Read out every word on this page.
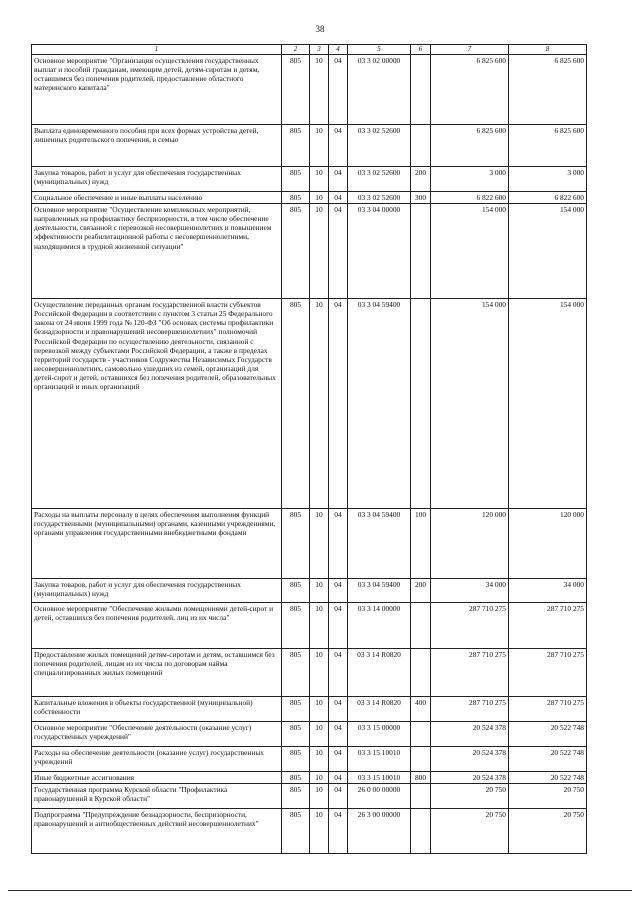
38
1	2	3	4	5	6	7	8
Основное мероприятие "Организация осуществления государственных выплат и пособий гражданам, имеющим детей, детям-сиротам и детям, оставшимся без попечения родителей, предоставление областного материнского капитала"	805	10	04	03 3 02 00000		6 825 600	6 825 600
Выплата единовременного пособия при всех формах устройства детей, лишенных родительского попечения, в семью	805	10	04	03 3 02 52600		6 825 600	6 825 600
Закупка товаров, работ и услуг для обеспечения государственных (муниципальных) нужд	805	10	04	03 3 02 52600	200	3 000	3 000
Социальное обеспечение и иные выплаты населению	805	10	04	03 3 02 52600	300	6 822 600	6 822 600
Основное мероприятие "Осуществление комплексных мероприятий, направленных на профилактику беспризорности, в том числе обеспечение деятельности, связанной с перевозкой несовершеннолетних и повышением эффективности реабилитационной работы с несовершеннолетними, находящимися в трудной жизненной ситуации"	805	10	04	03 3 04 00000		154 000	154 000
Осуществление переданных органам государственной власти субъектов Российской Федерации в соответствии с пунктом 3 статьи 25 Федерального закона от 24 июня 1999 года № 120-ФЗ "Об основах системы профилактики безнадзорности и правонарушений несовершеннолетних" полномочий Российской Федерации по осуществлению деятельности, связанной с перевозкой между субъектами Российской Федерации, а также в пределах территорий государств - участников Содружества Независимых Государств несовершеннолетних, самовольно ушедших из семей, организаций для детей-сирот и детей, оставшихся без попечения родителей, образовательных организаций и иных организаций	805	10	04	03 3 04 59400		154 000	154 000
Расходы на выплаты персоналу в целях обеспечения выполнения функций государственными (муниципальными) органами, казенными учреждениями, органами управления государственными внебюджетными фондами	805	10	04	03 3 04 59400	100	120 000	120 000
Закупка товаров, работ и услуг для обеспечения государственных (муниципальных) нужд	805	10	04	03 3 04 59400	200	34 000	34 000
Основное мероприятие "Обеспечение жилыми помещениями детей-сирот и детей, оставшихся без попечения родителей, лиц из их числа"	805	10	04	03 3 14 00000		287 710 275	287 710 275
Предоставление жилых помещений детям-сиротам и детям, оставшимся без попечения родителей, лицам из их числа по договорам найма специализированных жилых помещений	805	10	04	03 3 14 R0820		287 710 275	287 710 275
Капитальные вложения в объекты государственной (муниципальной) собственности	805	10	04	03 3 14 R0820	400	287 710 275	287 710 275
Основное мероприятие "Обеспечение деятельности (оказание услуг) государственных учреждений"	805	10	04	03 3 15 00000		20 524 378	20 522 748
Расходы на обеспечение деятельности (оказание услуг) государственных учреждений	805	10	04	03 3 15 10010		20 524 378	20 522 748
Иные бюджетные ассигнования	805	10	04	03 3 15 10010	800	20 524 378	20 522 748
Государственная программа Курской области "Профилактика правонарушений в Курской области"	805	10	04	26 0 00 00000		20 750	20 750
Подпрограмма "Предупреждение безнадзорности, беспризорности, правонарушений и антиобщественных действий несовершеннолетних"	805	10	04	26 3 00 00000		20 750	20 750
